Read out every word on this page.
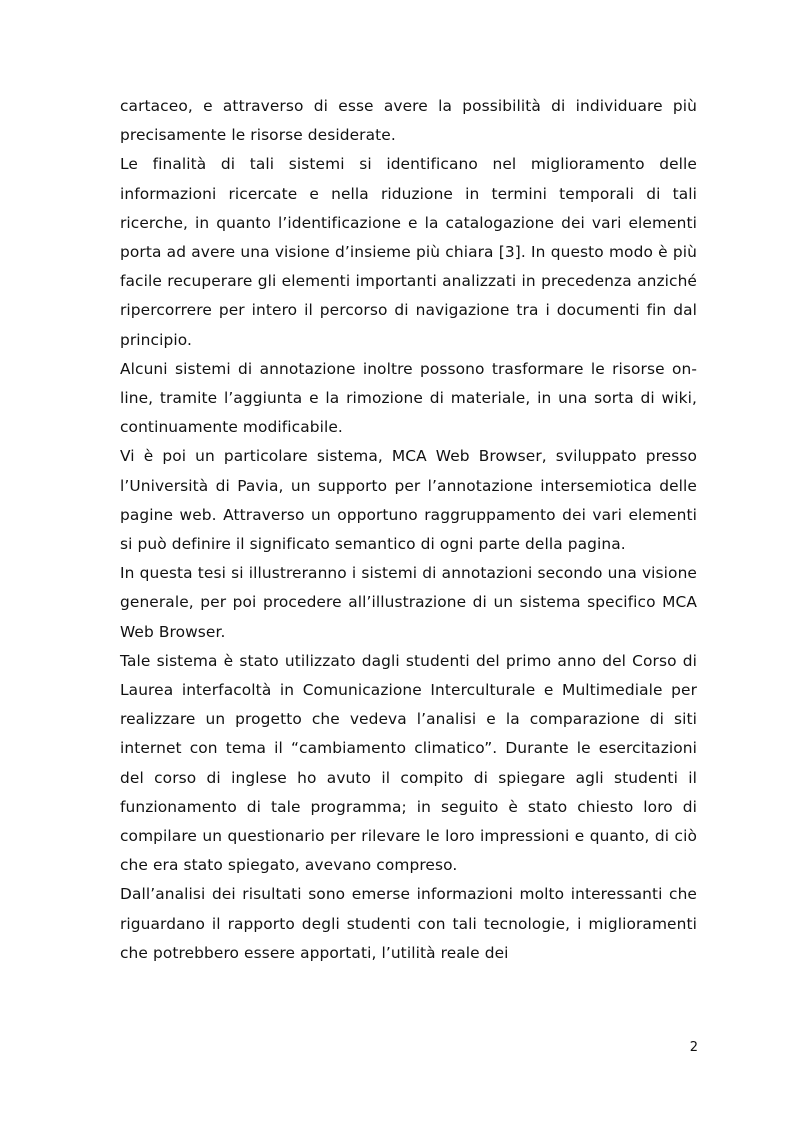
cartaceo, e attraverso di esse avere la possibilità di individuare più precisamente le risorse desiderate.

Le finalità di tali sistemi si identificano nel miglioramento delle informazioni ricercate e nella riduzione in termini temporali di tali ricerche, in quanto l’identificazione e la catalogazione dei vari elementi porta ad avere una visione d’insieme più chiara [3]. In questo modo è più facile recuperare gli elementi importanti analizzati in precedenza anziché ripercorrere per intero il percorso di navigazione tra i documenti fin dal principio.

Alcuni sistemi di annotazione inoltre possono trasformare le risorse on-line, tramite l’aggiunta e la rimozione di materiale, in una sorta di wiki, continuamente modificabile.

Vi è poi un particolare sistema, MCA Web Browser, sviluppato presso l’Università di Pavia, un supporto per l’annotazione intersemiotica delle pagine web. Attraverso un opportuno raggruppamento dei vari elementi si può definire il significato semantico di ogni parte della pagina.

In questa tesi si illustreranno i sistemi di annotazioni secondo una visione generale, per poi procedere all’illustrazione di un sistema specifico MCA Web Browser.

Tale sistema è stato utilizzato dagli studenti del primo anno del Corso di Laurea interfacoltà in Comunicazione Interculturale e Multimediale per realizzare un progetto che vedeva l’analisi e la comparazione di siti internet con tema il “cambiamento climatico”. Durante le esercitazioni del corso di inglese ho avuto il compito di spiegare agli studenti il funzionamento di tale programma; in seguito è stato chiesto loro di compilare un questionario per rilevare le loro impressioni e quanto, di ciò che era stato spiegato, avevano compreso.

Dall’analisi dei risultati sono emerse informazioni molto interessanti che riguardano il rapporto degli studenti con tali tecnologie, i miglioramenti che potrebbero essere apportati, l’utilità reale dei

2
